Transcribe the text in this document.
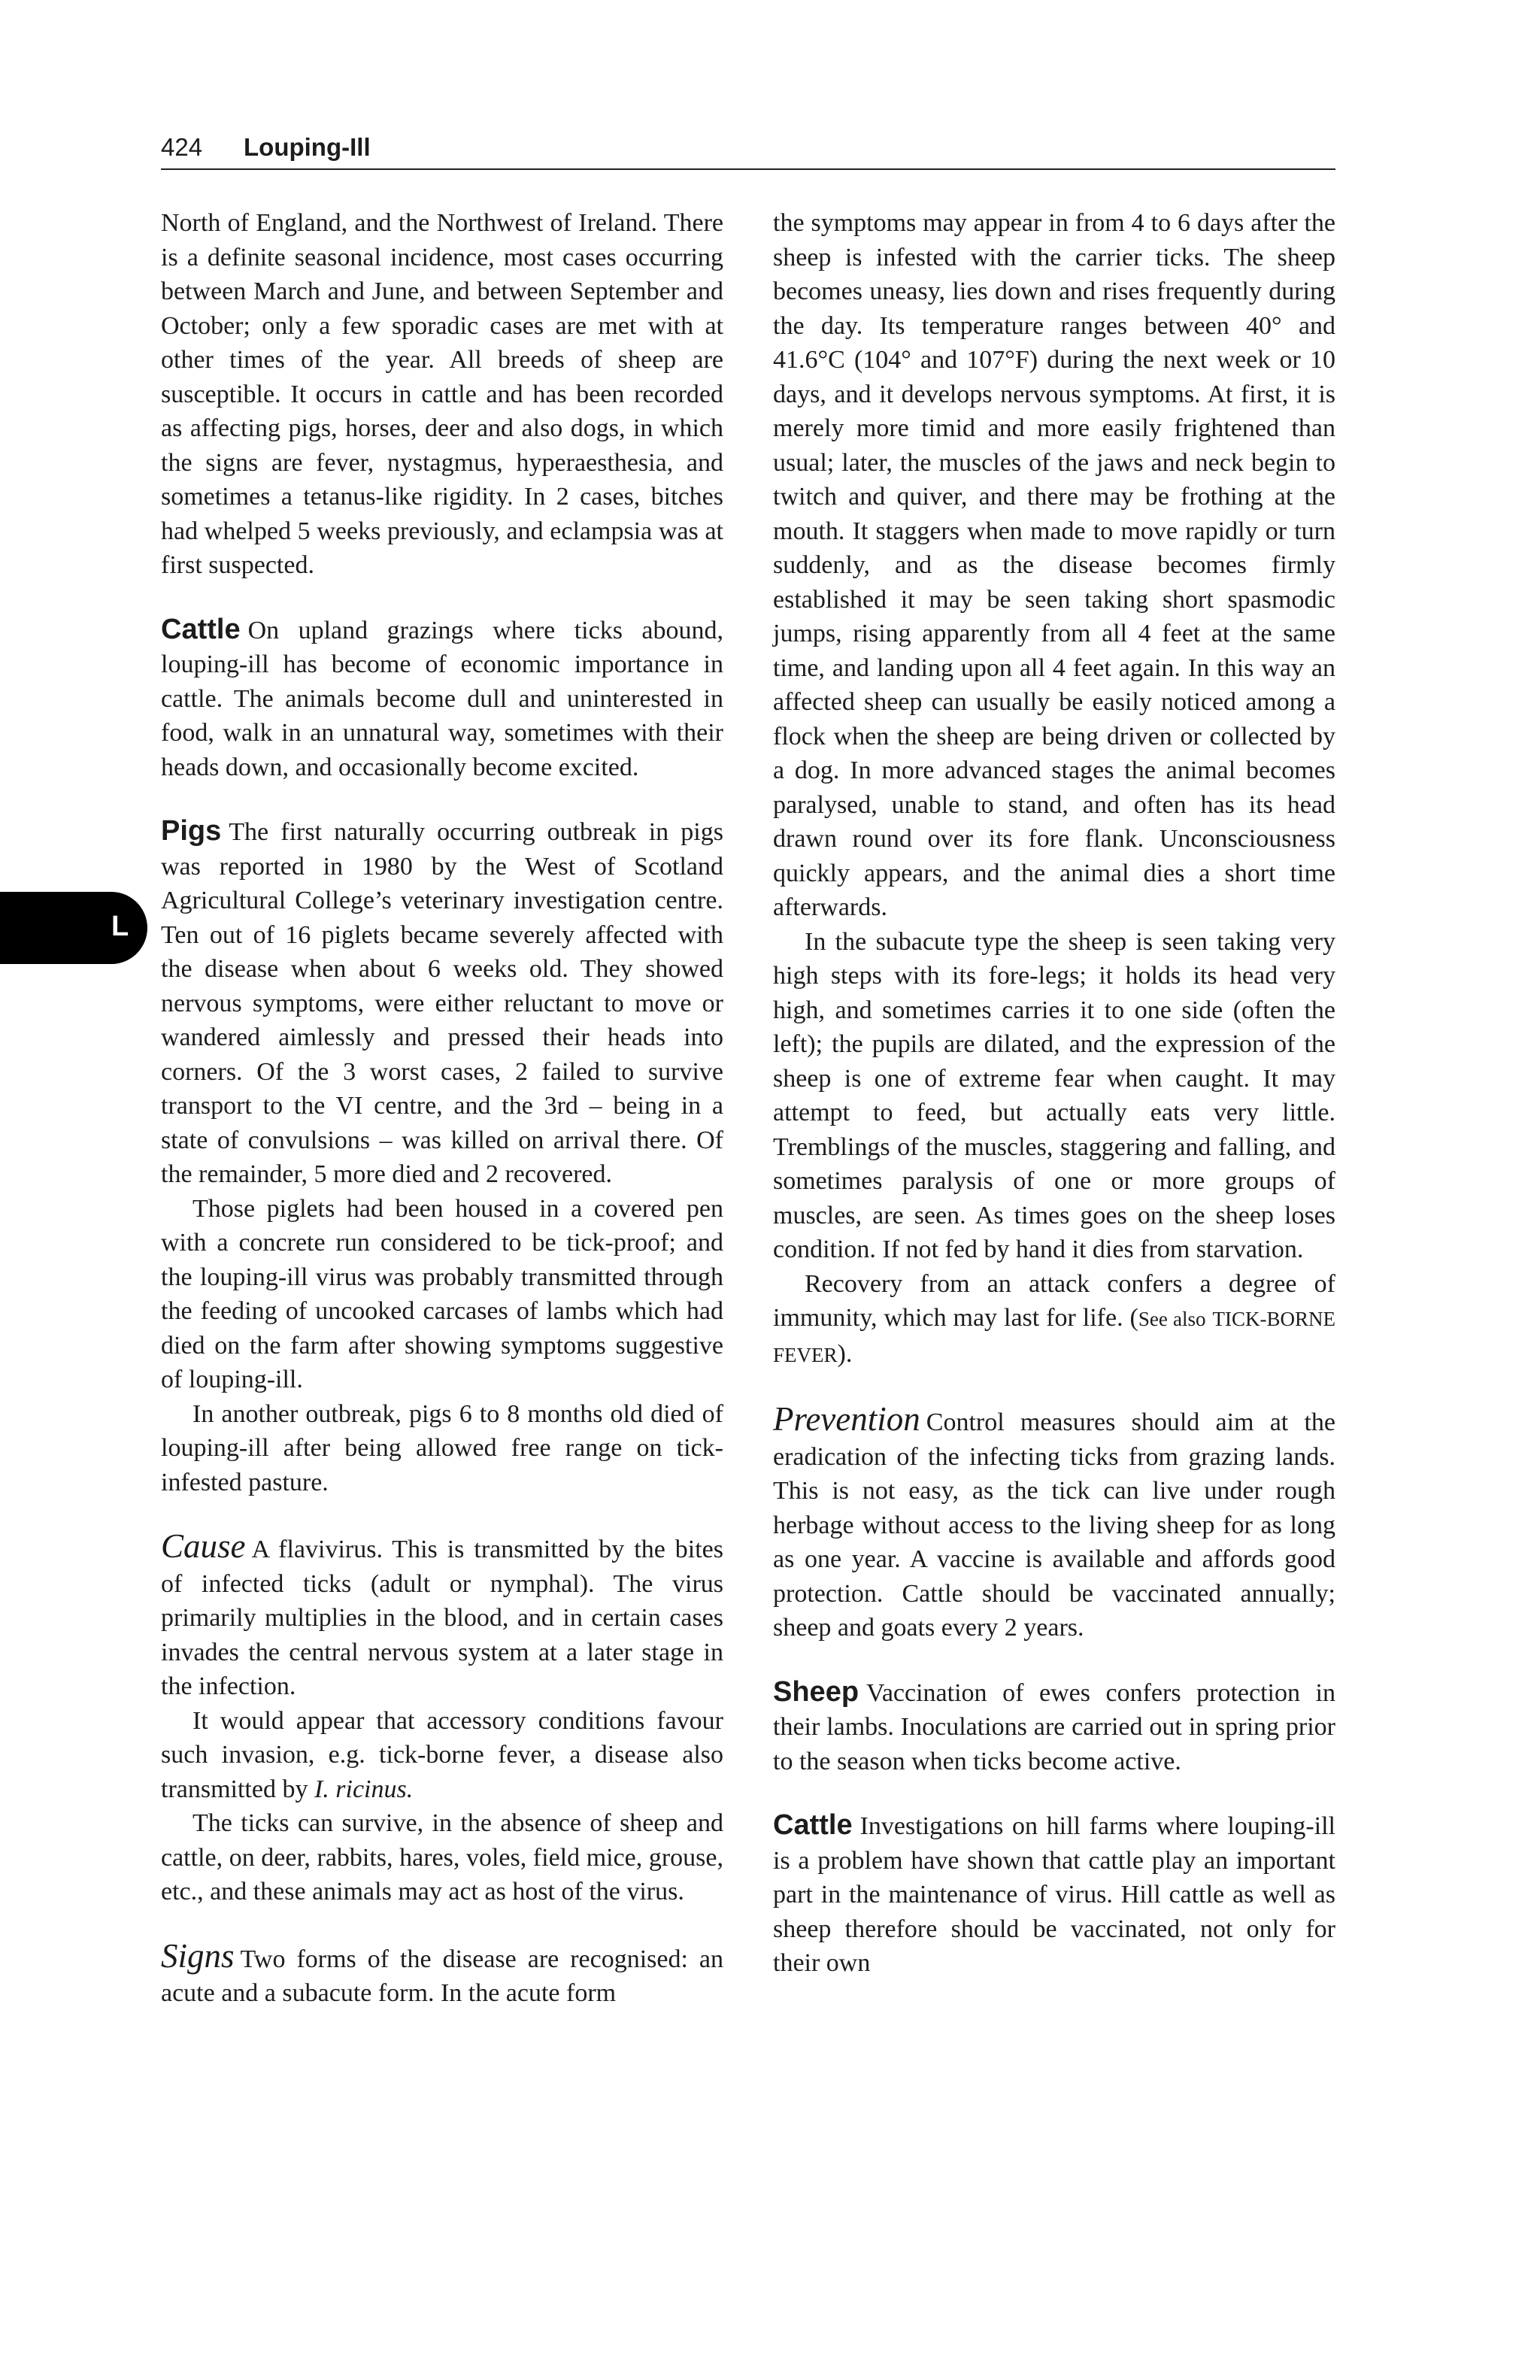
424 Louping-Ill
L

North of England, and the Northwest of Ireland. There is a definite seasonal incidence, most cases occurring between March and June, and between September and October; only a few sporadic cases are met with at other times of the year. All breeds of sheep are susceptible. It occurs in cattle and has been recorded as affecting pigs, horses, deer and also dogs, in which the signs are fever, nystagmus, hyperaesthesia, and sometimes a tetanus-like rigidity. In 2 cases, bitches had whelped 5 weeks previously, and eclampsia was at first suspected.

Cattle On upland grazings where ticks abound, louping-ill has become of economic importance in cattle. The animals become dull and uninterested in food, walk in an unnatural way, sometimes with their heads down, and occasionally become excited.

Pigs The first naturally occurring outbreak in pigs was reported in 1980 by the West of Scotland Agricultural College’s veterinary investigation centre. Ten out of 16 piglets became severely affected with the disease when about 6 weeks old. They showed nervous symptoms, were either reluctant to move or wandered aimlessly and pressed their heads into corners. Of the 3 worst cases, 2 failed to survive transport to the VI centre, and the 3rd – being in a state of convulsions – was killed on arrival there. Of the remainder, 5 more died and 2 recovered.

Those piglets had been housed in a covered pen with a concrete run considered to be tick-proof; and the louping-ill virus was probably transmitted through the feeding of uncooked carcases of lambs which had died on the farm after showing symptoms suggestive of louping-ill.

In another outbreak, pigs 6 to 8 months old died of louping-ill after being allowed free range on tick-infested pasture.

Cause A flavivirus. This is transmitted by the bites of infected ticks (adult or nymphal). The virus primarily multiplies in the blood, and in certain cases invades the central nervous system at a later stage in the infection.

It would appear that accessory conditions favour such invasion, e.g. tick-borne fever, a disease also transmitted by I. ricinus.

The ticks can survive, in the absence of sheep and cattle, on deer, rabbits, hares, voles, field mice, grouse, etc., and these animals may act as host of the virus.

Signs Two forms of the disease are recognised: an acute and a subacute form. In the acute form

the symptoms may appear in from 4 to 6 days after the sheep is infested with the carrier ticks. The sheep becomes uneasy, lies down and rises frequently during the day. Its temperature ranges between 40° and 41.6°C (104° and 107°F) during the next week or 10 days, and it develops nervous symptoms. At first, it is merely more timid and more easily frightened than usual; later, the muscles of the jaws and neck begin to twitch and quiver, and there may be frothing at the mouth. It staggers when made to move rapidly or turn suddenly, and as the disease becomes firmly established it may be seen taking short spasmodic jumps, rising apparently from all 4 feet at the same time, and landing upon all 4 feet again. In this way an affected sheep can usually be easily noticed among a flock when the sheep are being driven or collected by a dog. In more advanced stages the animal becomes paralysed, unable to stand, and often has its head drawn round over its fore flank. Unconsciousness quickly appears, and the animal dies a short time afterwards.

In the subacute type the sheep is seen taking very high steps with its fore-legs; it holds its head very high, and sometimes carries it to one side (often the left); the pupils are dilated, and the expression of the sheep is one of extreme fear when caught. It may attempt to feed, but actually eats very little. Tremblings of the muscles, staggering and falling, and sometimes paralysis of one or more groups of muscles, are seen. As times goes on the sheep loses condition. If not fed by hand it dies from starvation.

Recovery from an attack confers a degree of immunity, which may last for life. (See also TICK-BORNE FEVER).

Prevention Control measures should aim at the eradication of the infecting ticks from grazing lands. This is not easy, as the tick can live under rough herbage without access to the living sheep for as long as one year. A vaccine is available and affords good protection. Cattle should be vaccinated annually; sheep and goats every 2 years.

Sheep Vaccination of ewes confers protection in their lambs. Inoculations are carried out in spring prior to the season when ticks become active.

Cattle Investigations on hill farms where louping-ill is a problem have shown that cattle play an important part in the maintenance of virus. Hill cattle as well as sheep therefore should be vaccinated, not only for their own
